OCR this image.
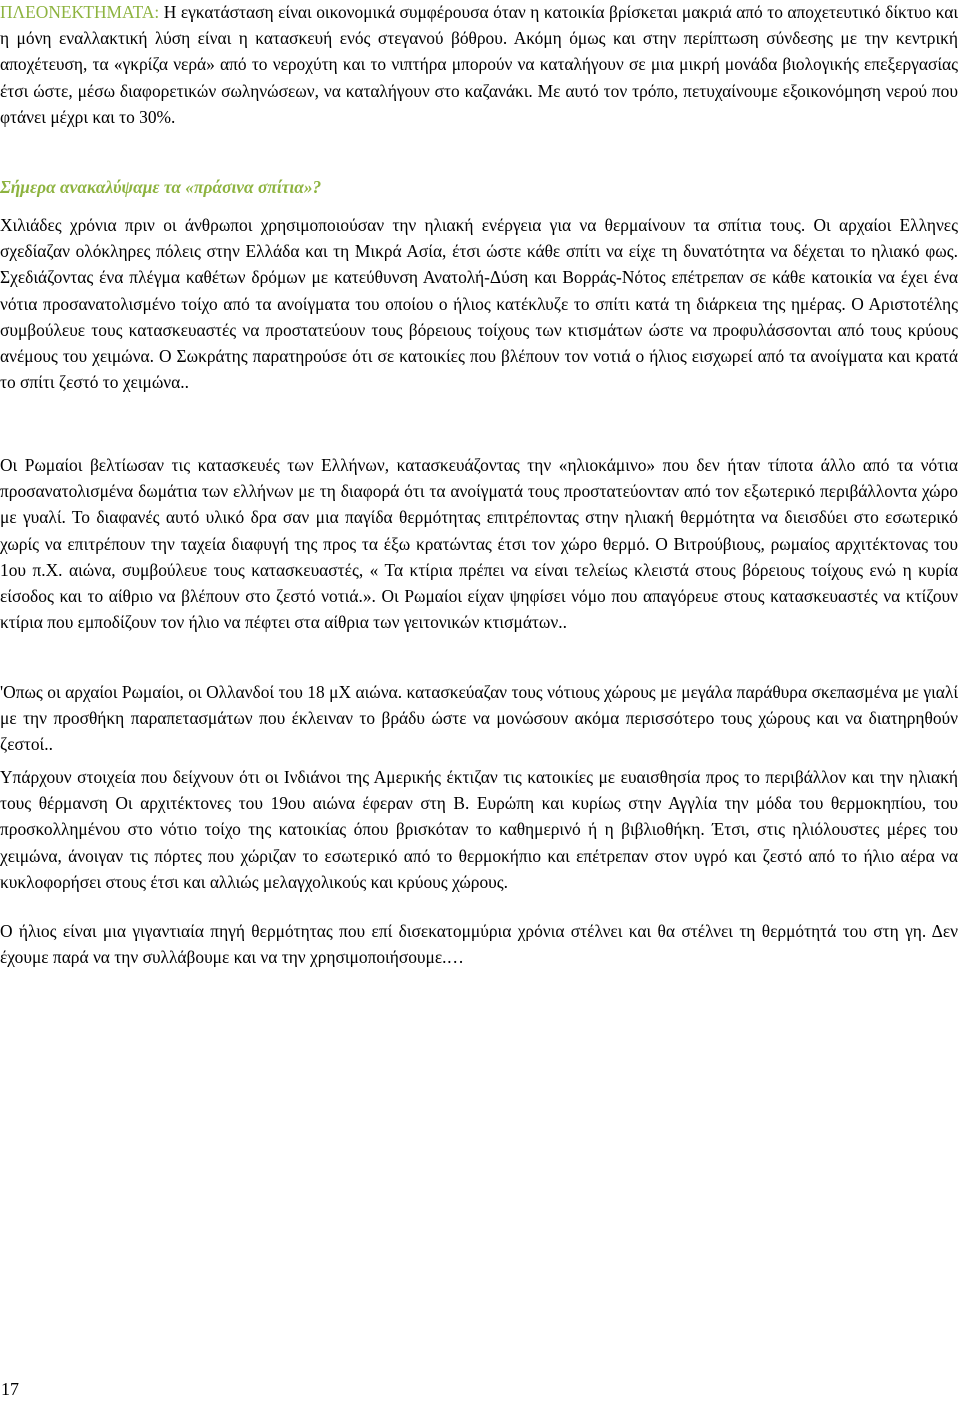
ΠΛΕΟΝΕΚΤΗΜΑΤΑ: Η εγκατάσταση είναι οικονομικά συμφέρουσα όταν η κατοικία βρίσκεται μακριά από το αποχετευτικό δίκτυο και η μόνη εναλλακτική λύση είναι η κατασκευή ενός στεγανού βόθρου. Ακόμη όμως και στην περίπτωση σύνδεσης με την κεντρική αποχέτευση, τα «γκρίζα νερά» από το νεροχύτη και το νιπτήρα μπορούν να καταλήγουν σε μια μικρή μονάδα βιολογικής επεξεργασίας έτσι ώστε, μέσω διαφορετικών σωληνώσεων, να καταλήγουν στο καζανάκι. Με αυτό τον τρόπο, πετυχαίνουμε εξοικονόμηση νερού που φτάνει μέχρι και το 30%.

Σήμερα ανακαλύψαμε τα «πράσινα σπίτια»?

Χιλιάδες χρόνια πριν οι άνθρωποι χρησιμοποιούσαν την ηλιακή ενέργεια για να θερμαίνουν τα σπίτια τους. Οι αρχαίοι Ελληνες σχεδίαζαν ολόκληρες πόλεις στην Ελλάδα και τη Μικρά Ασία, έτσι ώστε κάθε σπίτι να είχε τη δυνατότητα να δέχεται το ηλιακό φως. Σχεδιάζοντας ένα πλέγμα καθέτων δρόμων με κατεύθυνση Ανατολή-Δύση και Βορράς-Νότος επέτρεπαν σε κάθε κατοικία να έχει ένα νότια προσανατολισμένο τοίχο από τα ανοίγματα του οποίου ο ήλιος κατέκλυζε το σπίτι κατά τη διάρκεια της ημέρας. Ο Αριστοτέλης συμβούλευε τους κατασκευαστές να προστατεύουν τους βόρειους τοίχους των κτισμάτων ώστε να προφυλάσσονται από τους κρύους ανέμους του χειμώνα. Ο Σωκράτης παρατηρούσε ότι σε κατοικίες που βλέπουν τον νοτιά ο ήλιος εισχωρεί από τα ανοίγματα και κρατά το σπίτι ζεστό το χειμώνα..

Οι Ρωμαίοι βελτίωσαν τις κατασκευές των Ελλήνων, κατασκευάζοντας την «ηλιοκάμινο» που δεν ήταν τίποτα άλλο από τα νότια προσανατολισμένα δωμάτια των ελλήνων με τη διαφορά ότι τα ανοίγματά τους προστατεύονταν από τον εξωτερικό περιβάλλοντα χώρο με γυαλί. Το διαφανές αυτό υλικό δρα σαν μια παγίδα θερμότητας επιτρέποντας στην ηλιακή θερμότητα να διεισδύει στο εσωτερικό χωρίς να επιτρέπουν την ταχεία διαφυγή της προς τα έξω κρατώντας έτσι τον χώρο θερμό. Ο Βιτρούβιους, ρωμαίος αρχιτέκτονας του 1ου π.Χ. αιώνα, συμβούλευε τους κατασκευαστές, « Τα κτίρια πρέπει να είναι τελείως κλειστά στους βόρειους τοίχους ενώ η κυρία είσοδος και το αίθριο να βλέπουν στο ζεστό νοτιά.». Οι Ρωμαίοι είχαν ψηφίσει νόμο που απαγόρευε στους κατασκευαστές να κτίζουν κτίρια που εμποδίζουν τον ήλιο να πέφτει στα αίθρια των γειτονικών κτισμάτων..

'Οπως οι αρχαίοι Ρωμαίοι, οι Ολλανδοί του 18 μΧ αιώνα. κατασκεύαζαν τους νότιους χώρους με μεγάλα παράθυρα σκεπασμένα με γιαλί με την προσθήκη παραπετασμάτων που έκλειναν το βράδυ ώστε να μονώσουν ακόμα περισσότερο τους χώρους και να διατηρηθούν ζεστοί..

Υπάρχουν στοιχεία που δείχνουν ότι οι Ινδιάνοι της Αμερικής έκτιζαν τις κατοικίες με ευαισθησία προς το περιβάλλον και την ηλιακή τους θέρμανση Οι αρχιτέκτονες του 19ου αιώνα έφεραν στη Β. Ευρώπη και κυρίως στην Αγγλία την μόδα του θερμοκηπίου, του προσκολλημένου στο νότιο τοίχο της κατοικίας όπου βρισκόταν το καθημερινό ή η βιβλιοθήκη. Έτσι, στις ηλιόλουστες μέρες του χειμώνα, άνοιγαν τις πόρτες που χώριζαν το εσωτερικό από το θερμοκήπιο και επέτρεπαν στον υγρό και ζεστό από το ήλιο αέρα να κυκλοφορήσει στους έτσι και αλλιώς μελαγχολικούς και κρύους χώρους.

Ο ήλιος είναι μια γιγαντιαία πηγή θερμότητας που επί δισεκατομμύρια χρόνια στέλνει και θα στέλνει τη θερμότητά του στη γη. Δεν έχουμε παρά να την συλλάβουμε και να την χρησιμοποιήσουμε.…

17
